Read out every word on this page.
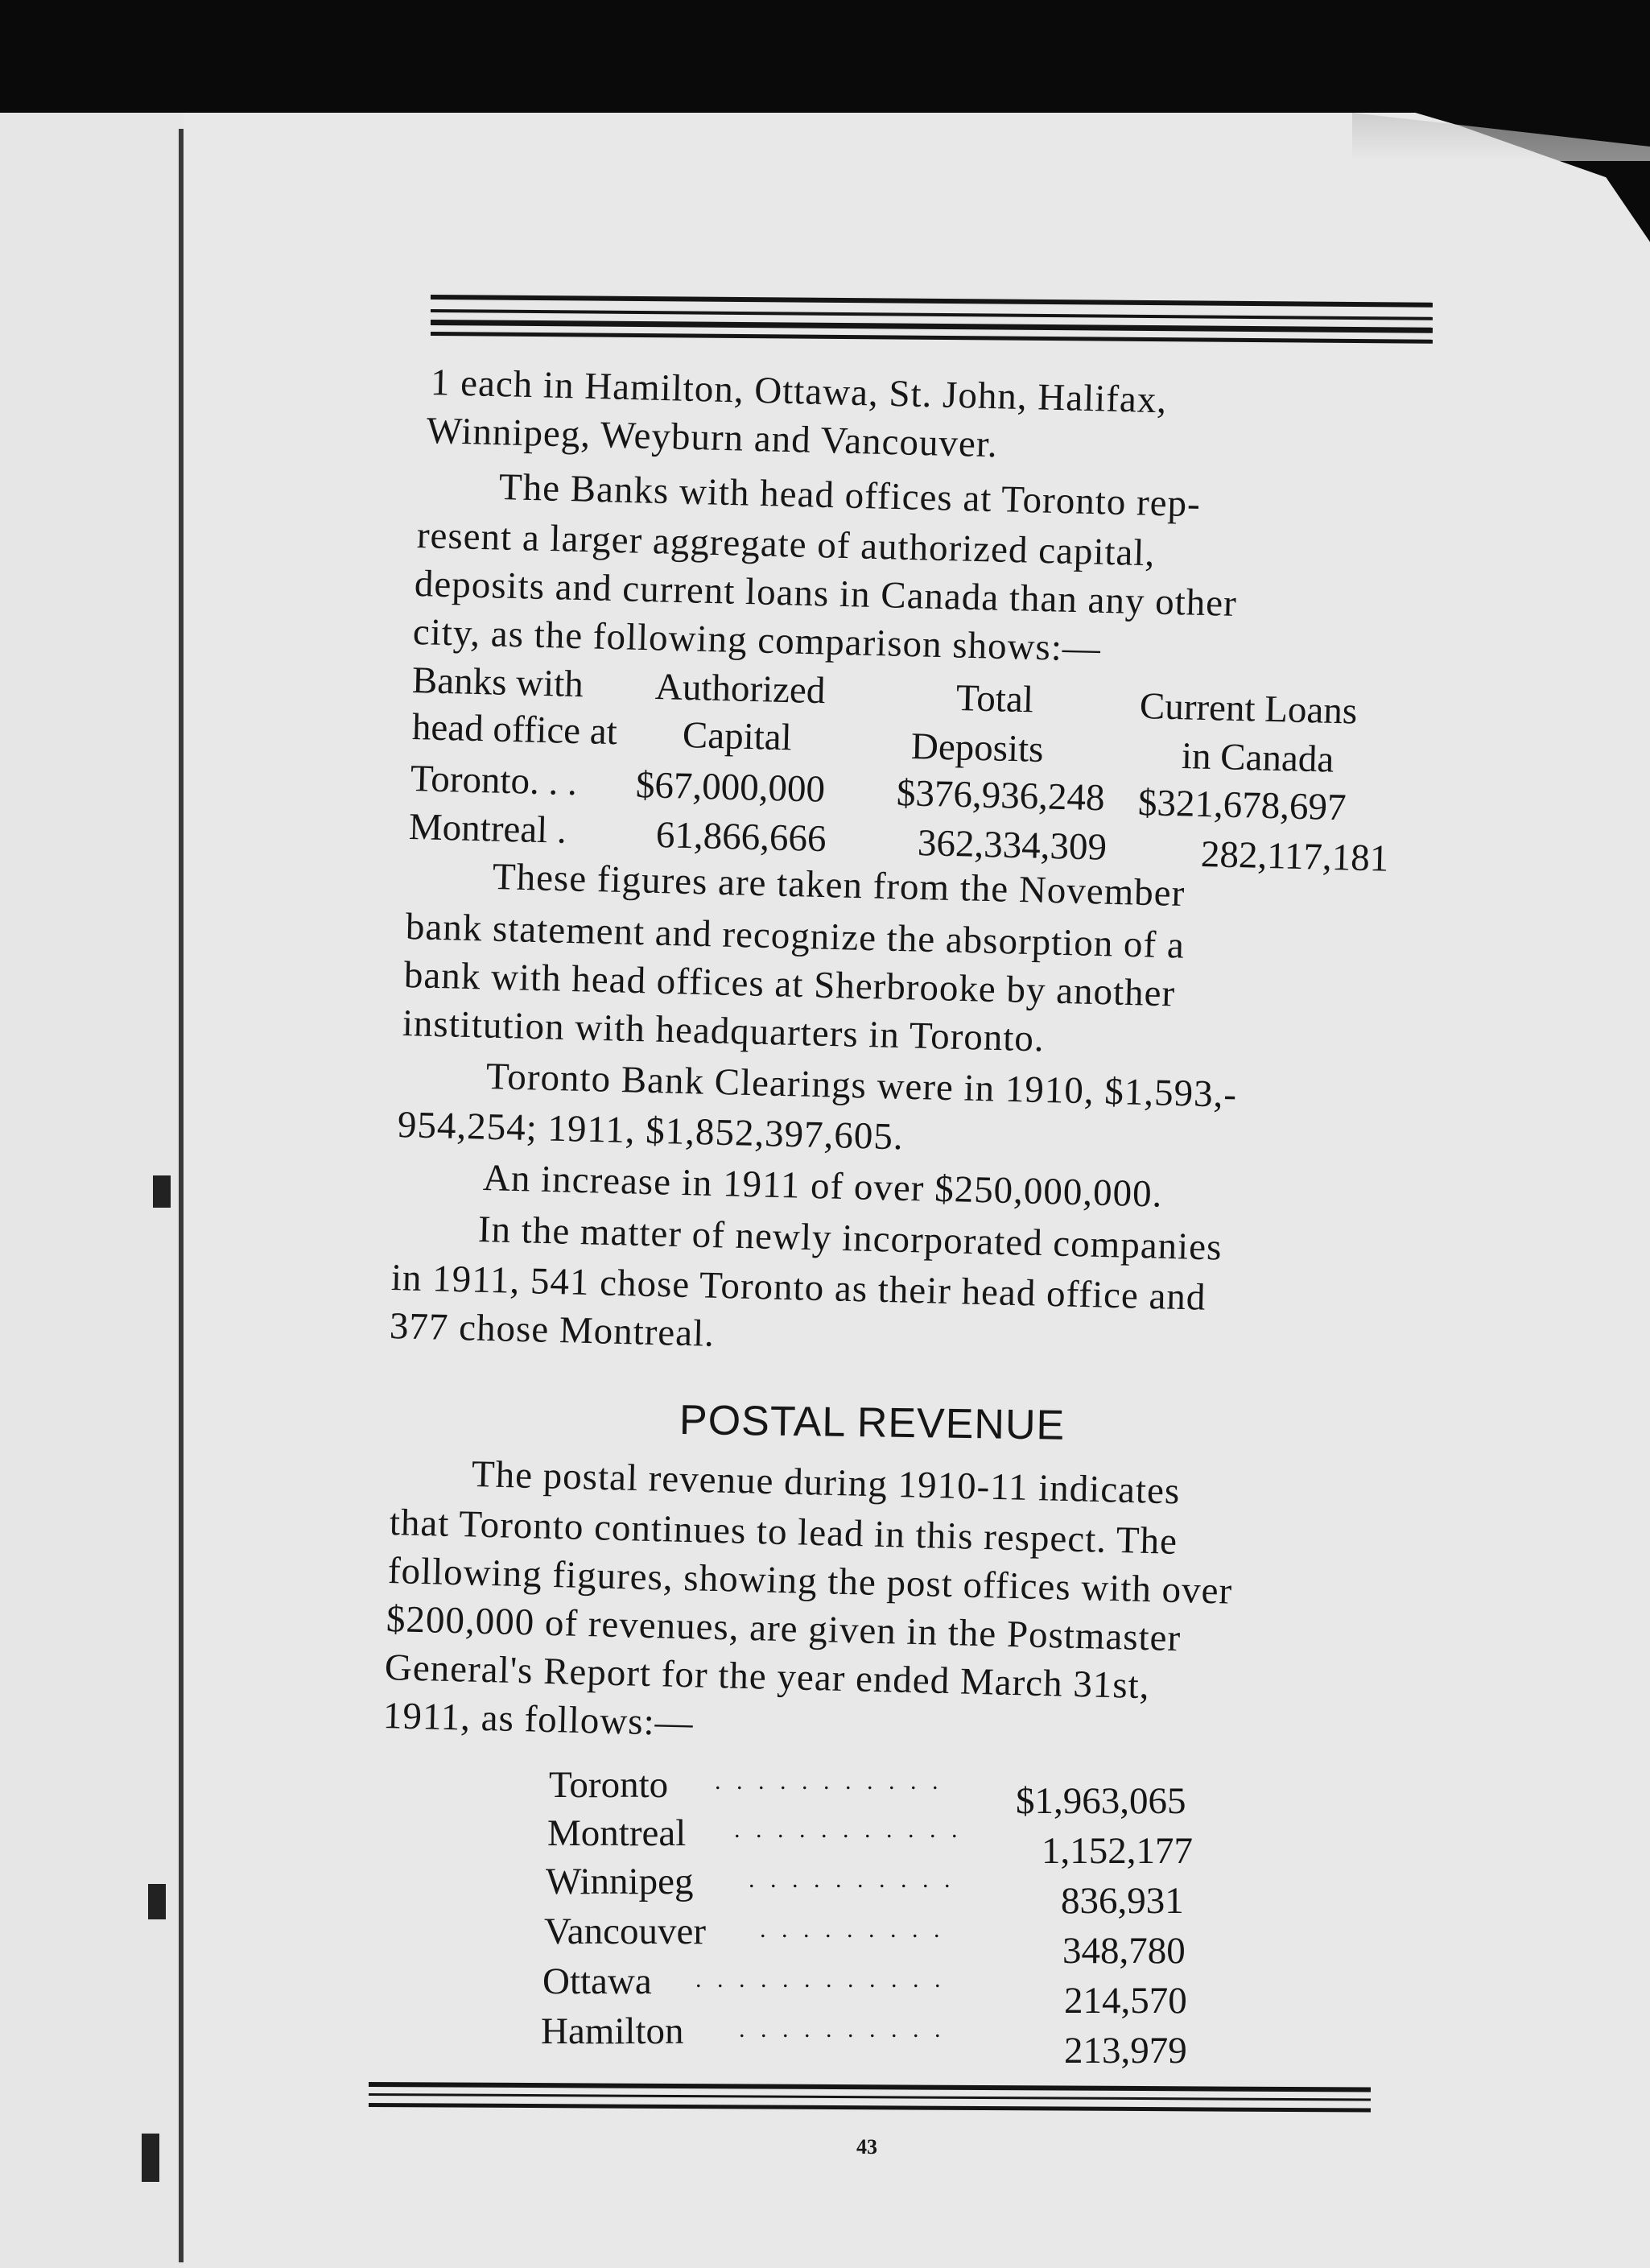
1 each in Hamilton, Ottawa, St. John, Halifax,
Winnipeg, Weyburn and Vancouver.
The Banks with head offices at Toronto rep-
resent a larger aggregate of authorized capital,
deposits and current loans in Canada than any other
city, as the following comparison shows:—
Banks with
head office at
Authorized
Capital
Total
Deposits
Current Loans
in Canada
Toronto. . . $67,000,000 $376,936,248 $321,678,697
Montreal . 61,866,666 362,334,309 282,117,181
These figures are taken from the November
bank statement and recognize the absorption of a
bank with head offices at Sherbrooke by another
institution with headquarters in Toronto.
Toronto Bank Clearings were in 1910, $1,593,-
954,254; 1911, $1,852,397,605.
An increase in 1911 of over $250,000,000.
In the matter of newly incorporated companies
in 1911, 541 chose Toronto as their head office and
377 chose Montreal.
POSTAL REVENUE
The postal revenue during 1910-11 indicates
that Toronto continues to lead in this respect. The
following figures, showing the post offices with over
$200,000 of revenues, are given in the Postmaster
General's Report for the year ended March 31st,
1911, as follows:—
Toronto . . . . . . . . . . . $1,963,065
Montreal . . . . . . . . . . .
1,152,177
Winnipeg . . . . . . . . . .
836,931
Vancouver . . . . . . . . .
348,780
Ottawa . . . . . . . . . . . .
214,570
Hamilton . . . . . . . . . .
213,979
43
